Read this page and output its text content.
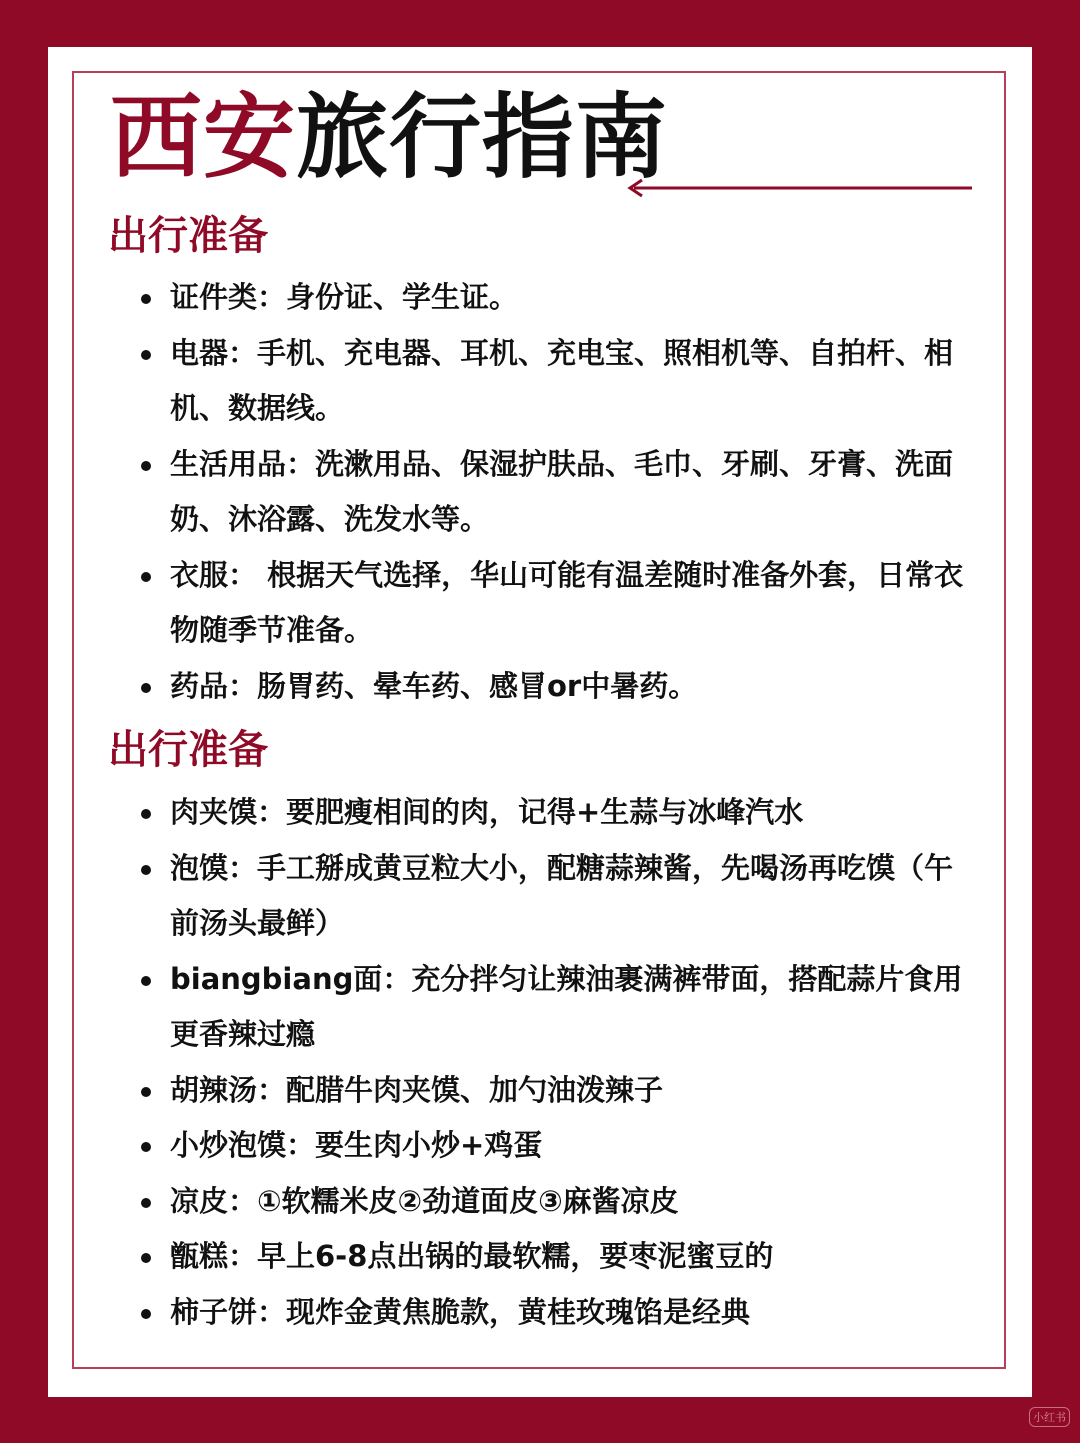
西安旅行指南
出行准备
证件类：身份证、学生证。
电器：手机、充电器、耳机、充电宝、照相机等、自拍杆、相机、数据线。
生活用品：洗漱用品、保湿护肤品、毛巾、牙刷、牙膏、洗面奶、沐浴露、洗发水等。
衣服： 根据天气选择，华山可能有温差随时准备外套，日常衣物随季节准备。
药品：肠胃药、晕车药、感冒or中暑药。
出行准备
肉夹馍：要肥瘦相间的肉，记得+生蒜与冰峰汽水
泡馍：手工掰成黄豆粒大小，配糖蒜辣酱，先喝汤再吃馍（午前汤头最鲜）
biangbiang面：充分拌匀让辣油裹满裤带面，搭配蒜片食用更香辣过瘾
胡辣汤：配腊牛肉夹馍、加勺油泼辣子
小炒泡馍：要生肉小炒+鸡蛋
凉皮：①软糯米皮②劲道面皮③麻酱凉皮
甑糕：早上6-8点出锅的最软糯，要枣泥蜜豆的
柿子饼：现炸金黄焦脆款，黄桂玫瑰馅是经典
小红书
